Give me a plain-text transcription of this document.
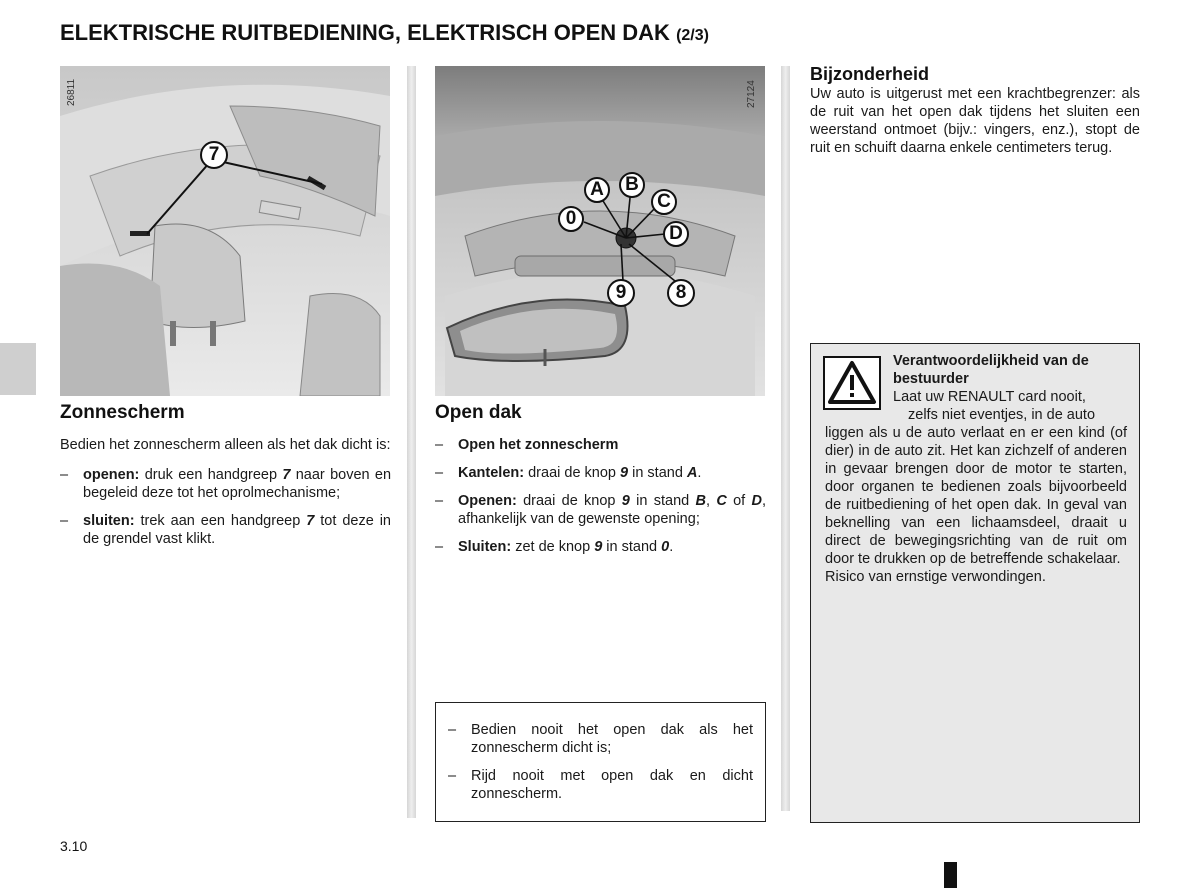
ELEKTRISCHE RUITBEDIENING, ELEKTRISCH OPEN DAK (2/3)
7
26811
A	B
C
0
D
9	8
27124
Zonnescherm
Bedien het zonnescherm alleen als het dak dicht is:
– openen: druk een handgreep 7 naar boven en begeleid deze tot het oprolmechanisme;
– sluiten: trek aan een handgreep 7 tot deze in de grendel vast klikt.
Open dak
– Open het zonnescherm
– Kantelen: draai de knop 9 in stand A.
– Openen: draai de knop 9 in stand B, C of D, afhankelijk van de gewenste opening;
– Sluiten: zet de knop 9 in stand 0.
– Bedien nooit het open dak als het zonnescherm dicht is;
– Rijd nooit met open dak en dicht zonnescherm.
Bijzonderheid
Uw auto is uitgerust met een krachtbegrenzer: als de ruit van het open dak tijdens het sluiten een weerstand ontmoet (bijv.: vingers, enz.), stopt de ruit en schuift daarna enkele centimeters terug.
Verantwoordelijkheid van de bestuurder
Laat uw RENAULT card nooit,
zelfs niet eventjes, in de auto
liggen als u de auto verlaat en er een kind (of dier) in de auto zit. Het kan zichzelf of anderen in gevaar brengen door de motor te starten, door organen te bedienen zoals bijvoorbeeld de ruitbediening of het open dak. In geval van beknelling van een lichaamsdeel, draait u direct de bewegingsrichting van de ruit om door te drukken op de betreffende schakelaar.
Risico van ernstige verwondingen.
3.10
